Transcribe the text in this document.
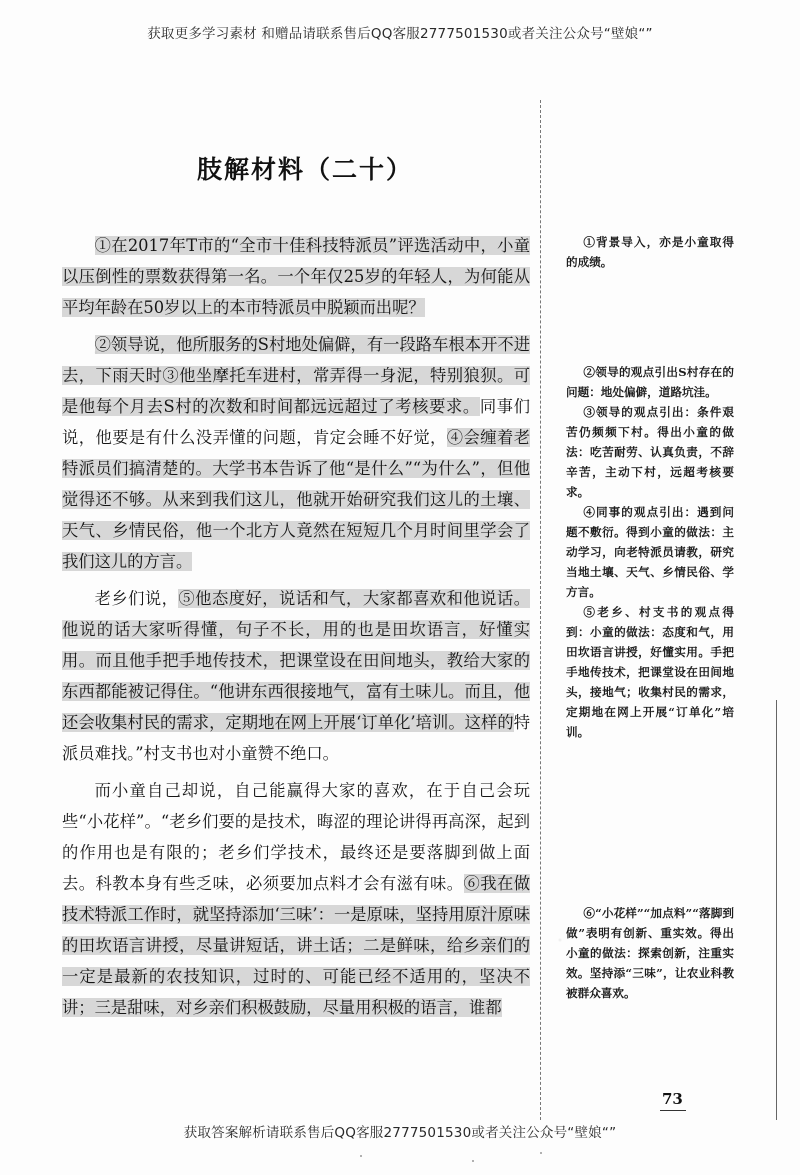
获取更多学习素材 和赠品请联系售后QQ客服2777501530或者关注公众号“壁娘“”
肢解材料（二十）

①在2017年T市的“全市十佳科技特派员”评选活动中，小童以压倒性的票数获得第一名。一个年仅25岁的年轻人，为何能从平均年龄在50岁以上的本市特派员中脱颖而出呢？

②领导说，他所服务的S村地处偏僻，有一段路车根本开不进去，下雨天时③他坐摩托车进村，常弄得一身泥，特别狼狈。可是他每个月去S村的次数和时间都远远超过了考核要求。同事们说，他要是有什么没弄懂的问题，肯定会睡不好觉，④会缠着老特派员们搞清楚的。大学书本告诉了他“是什么”“为什么”，但他觉得还不够。从来到我们这儿，他就开始研究我们这儿的土壤、天气、乡情民俗，他一个北方人竟然在短短几个月时间里学会了我们这儿的方言。

老乡们说，⑤他态度好，说话和气，大家都喜欢和他说话。他说的话大家听得懂，句子不长，用的也是田坎语言，好懂实用。而且他手把手地传技术，把课堂设在田间地头，教给大家的东西都能被记得住。“他讲东西很接地气，富有土味儿。而且，他还会收集村民的需求，定期地在网上开展‘订单化’培训。这样的特派员难找。”村支书也对小童赞不绝口。

而小童自己却说，自己能赢得大家的喜欢，在于自己会玩些“小花样”。“老乡们要的是技术，晦涩的理论讲得再高深，起到的作用也是有限的；老乡们学技术，最终还是要落脚到做上面去。科教本身有些乏味，必须要加点料才会有滋有味。⑥我在做技术特派工作时，就坚持添加‘三味’：一是原味，坚持用原汁原味的田坎语言讲授，尽量讲短话，讲土话；二是鲜味，给乡亲们的一定是最新的农技知识，过时的、可能已经不适用的，坚决不讲；三是甜味，对乡亲们积极鼓励，尽量用积极的语言，谁都

①背景导入，亦是小童取得的成绩。

②领导的观点引出S村存在的问题：地处偏僻，道路坑洼。

③领导的观点引出：条件艰苦仍频频下村。得出小童的做法：吃苦耐劳、认真负责，不辞辛苦，主动下村，远超考核要求。

④同事的观点引出：遇到问题不敷衍。得到小童的做法：主动学习，向老特派员请教，研究当地土壤、天气、乡情民俗、学方言。

⑤老乡、村支书的观点得到：小童的做法：态度和气，用田坎语言讲授，好懂实用。手把手地传技术，把课堂设在田间地头，接地气；收集村民的需求，定期地在网上开展“订单化”培训。

⑥“小花样”“加点料”“落脚到做”表明有创新、重实效。得出小童的做法：探索创新，注重实效。坚持添“三味”，让农业科教被群众喜欢。

73
获取答案解析请联系售后QQ客服2777501530或者关注公众号“壁娘“”
